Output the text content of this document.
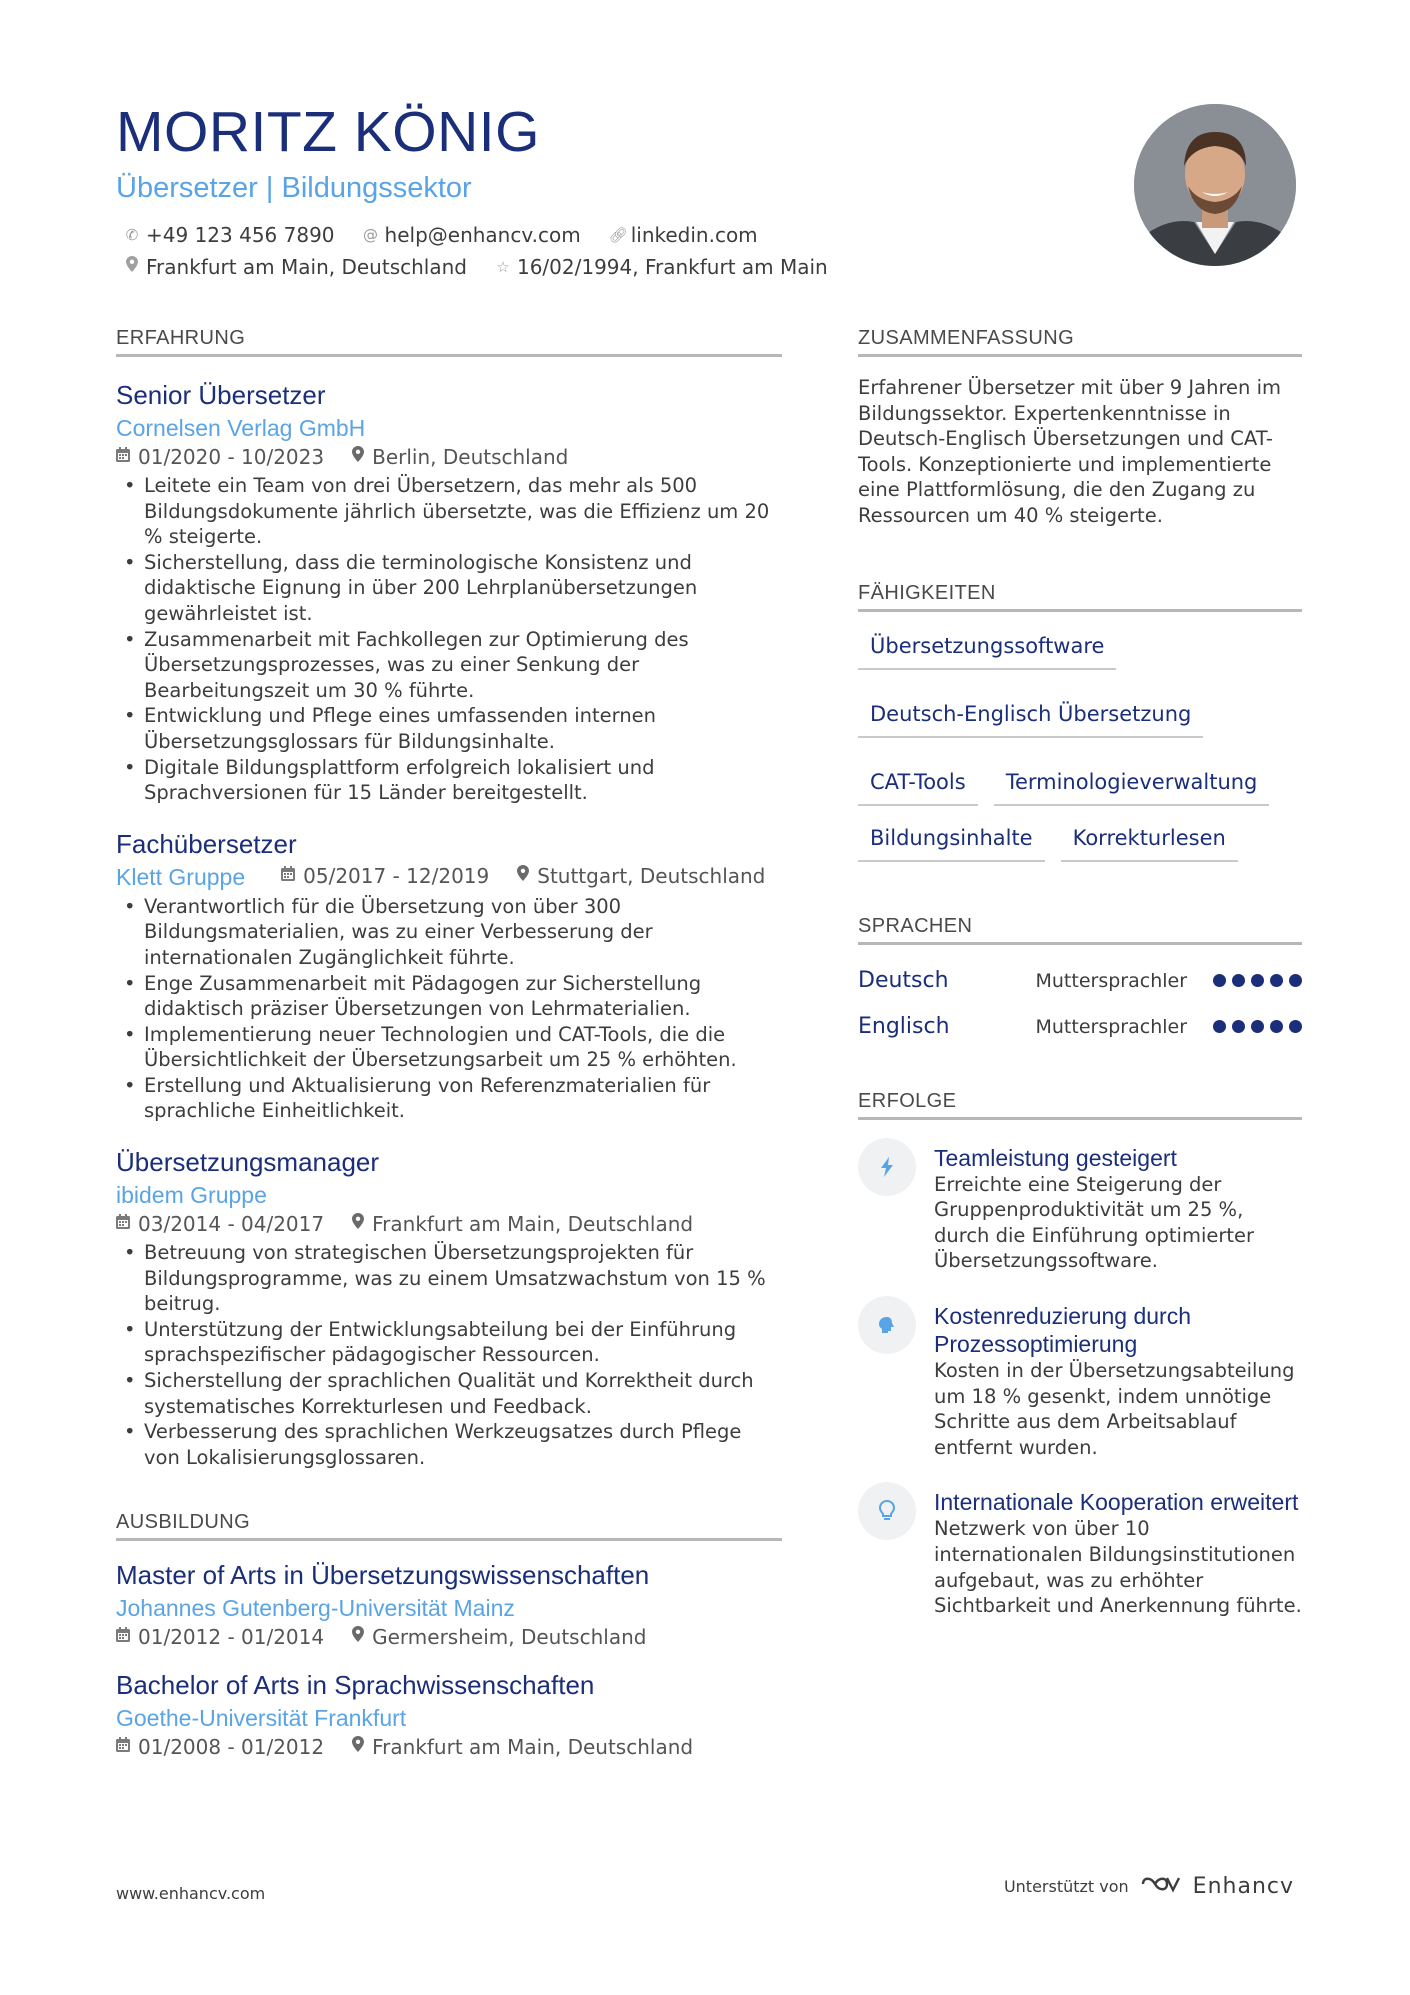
MORITZ KÖNIG
Übersetzer | Bildungssektor
✆ +49 123 456 7890 @ help@enhancv.com 🔗︎ linkedin.com
Frankfurt am Main, Deutschland ☆ 16/02/1994, Frankfurt am Main
ERFAHRUNG
Senior Übersetzer
Cornelsen Verlag GmbH
01/2020 - 10/2023 Berlin, Deutschland
• Leitete ein Team von drei Übersetzern, das mehr als 500 Bildungsdokumente jährlich übersetzte, was die Effizienz um 20 % steigerte.
• Sicherstellung, dass die terminologische Konsistenz und didaktische Eignung in über 200 Lehrplanübersetzungen gewährleistet ist.
• Zusammenarbeit mit Fachkollegen zur Optimierung des Übersetzungsprozesses, was zu einer Senkung der Bearbeitungszeit um 30 % führte.
• Entwicklung und Pflege eines umfassenden internen Übersetzungsglossars für Bildungsinhalte.
• Digitale Bildungsplattform erfolgreich lokalisiert und Sprachversionen für 15 Länder bereitgestellt.
Fachübersetzer
Klett Gruppe	05/2017 - 12/2019 Stuttgart, Deutschland
• Verantwortlich für die Übersetzung von über 300 Bildungsmaterialien, was zu einer Verbesserung der internationalen Zugänglichkeit führte.
• Enge Zusammenarbeit mit Pädagogen zur Sicherstellung didaktisch präziser Übersetzungen von Lehrmaterialien.
• Implementierung neuer Technologien und CAT-Tools, die die Übersichtlichkeit der Übersetzungsarbeit um 25 % erhöhten.
• Erstellung und Aktualisierung von Referenzmaterialien für sprachliche Einheitlichkeit.
Übersetzungsmanager
ibidem Gruppe
03/2014 - 04/2017 Frankfurt am Main, Deutschland
• Betreuung von strategischen Übersetzungsprojekten für Bildungsprogramme, was zu einem Umsatzwachstum von 15 % beitrug.
• Unterstützung der Entwicklungsabteilung bei der Einführung sprachspezifischer pädagogischer Ressourcen.
• Sicherstellung der sprachlichen Qualität und Korrektheit durch systematisches Korrekturlesen und Feedback.
• Verbesserung des sprachlichen Werkzeugsatzes durch Pflege von Lokalisierungsglossaren.
AUSBILDUNG
Master of Arts in Übersetzungswissenschaften
Johannes Gutenberg-Universität Mainz
01/2012 - 01/2014 Germersheim, Deutschland
Bachelor of Arts in Sprachwissenschaften
Goethe-Universität Frankfurt
01/2008 - 01/2012 Frankfurt am Main, Deutschland
ZUSAMMENFASSUNG
Erfahrener Übersetzer mit über 9 Jahren im Bildungssektor. Expertenkenntnisse in Deutsch-Englisch Übersetzungen und CAT-Tools. Konzeptionierte und implementierte eine Plattformlösung, die den Zugang zu Ressourcen um 40 % steigerte.
FÄHIGKEITEN
Übersetzungssoftware
Deutsch-Englisch Übersetzung
CAT-Tools	Terminologieverwaltung
Bildungsinhalte	Korrekturlesen
SPRACHEN
Deutsch	Muttersprachler
Englisch	Muttersprachler
ERFOLGE
Teamleistung gesteigert
Erreichte eine Steigerung der Gruppenproduktivität um 25 %, durch die Einführung optimierter Übersetzungssoftware.
Kostenreduzierung durch Prozessoptimierung
Kosten in der Übersetzungsabteilung um 18 % gesenkt, indem unnötige Schritte aus dem Arbeitsablauf entfernt wurden.
Internationale Kooperation erweitert
Netzwerk von über 10 internationalen Bildungsinstitutionen aufgebaut, was zu erhöhter Sichtbarkeit und Anerkennung führte.
www.enhancv.com	Unterstützt von	Enhancv
